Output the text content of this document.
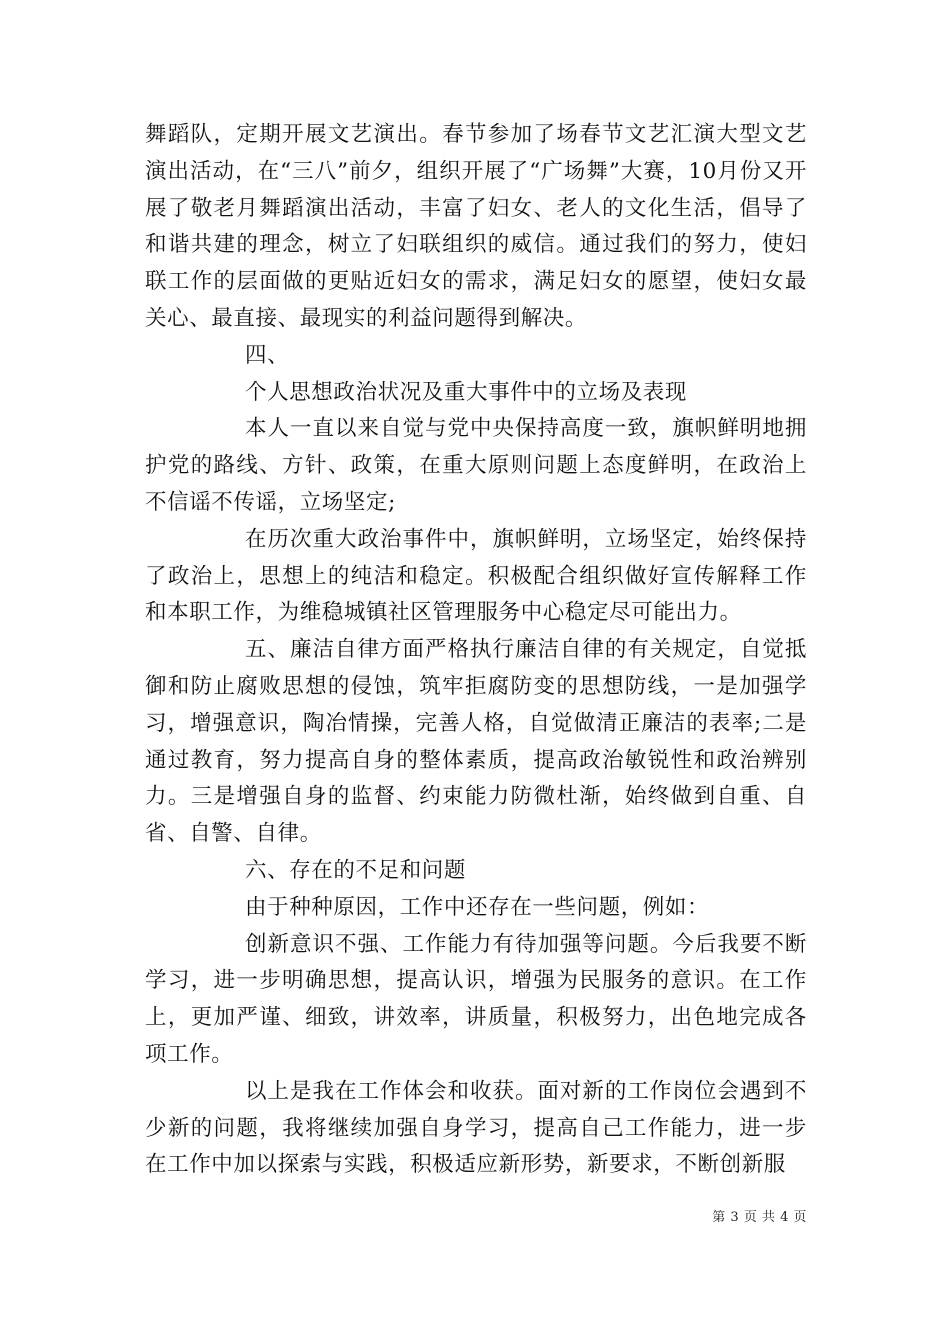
舞蹈队，定期开展文艺演出。春节参加了场春节文艺汇演大型文艺演出活动，在“三八”前夕，组织开展了“广场舞”大赛，10月份又开展了敬老月舞蹈演出活动，丰富了妇女、老人的文化生活，倡导了和谐共建的理念，树立了妇联组织的威信。通过我们的努力，使妇联工作的层面做的更贴近妇女的需求，满足妇女的愿望，使妇女最关心、最直接、最现实的利益问题得到解决。

四、

个人思想政治状况及重大事件中的立场及表现

本人一直以来自觉与党中央保持高度一致，旗帜鲜明地拥护党的路线、方针、政策，在重大原则问题上态度鲜明，在政治上不信谣不传谣，立场坚定;

在历次重大政治事件中，旗帜鲜明，立场坚定，始终保持了政治上，思想上的纯洁和稳定。积极配合组织做好宣传解释工作和本职工作，为维稳城镇社区管理服务中心稳定尽可能出力。

五、廉洁自律方面严格执行廉洁自律的有关规定，自觉抵御和防止腐败思想的侵蚀，筑牢拒腐防变的思想防线，一是加强学习，增强意识，陶冶情操，完善人格，自觉做清正廉洁的表率;二是通过教育，努力提高自身的整体素质，提高政治敏锐性和政治辨别力。三是增强自身的监督、约束能力防微杜渐，始终做到自重、自省、自警、自律。

六、存在的不足和问题

由于种种原因，工作中还存在一些问题，例如：

创新意识不强、工作能力有待加强等问题。今后我要不断学习，进一步明确思想，提高认识，增强为民服务的意识。在工作上，更加严谨、细致，讲效率，讲质量，积极努力，出色地完成各项工作。

以上是我在工作体会和收获。面对新的工作岗位会遇到不少新的问题，我将继续加强自身学习，提高自己工作能力，进一步在工作中加以探索与实践，积极适应新形势，新要求，不断创新服

第 3 页 共 4 页
